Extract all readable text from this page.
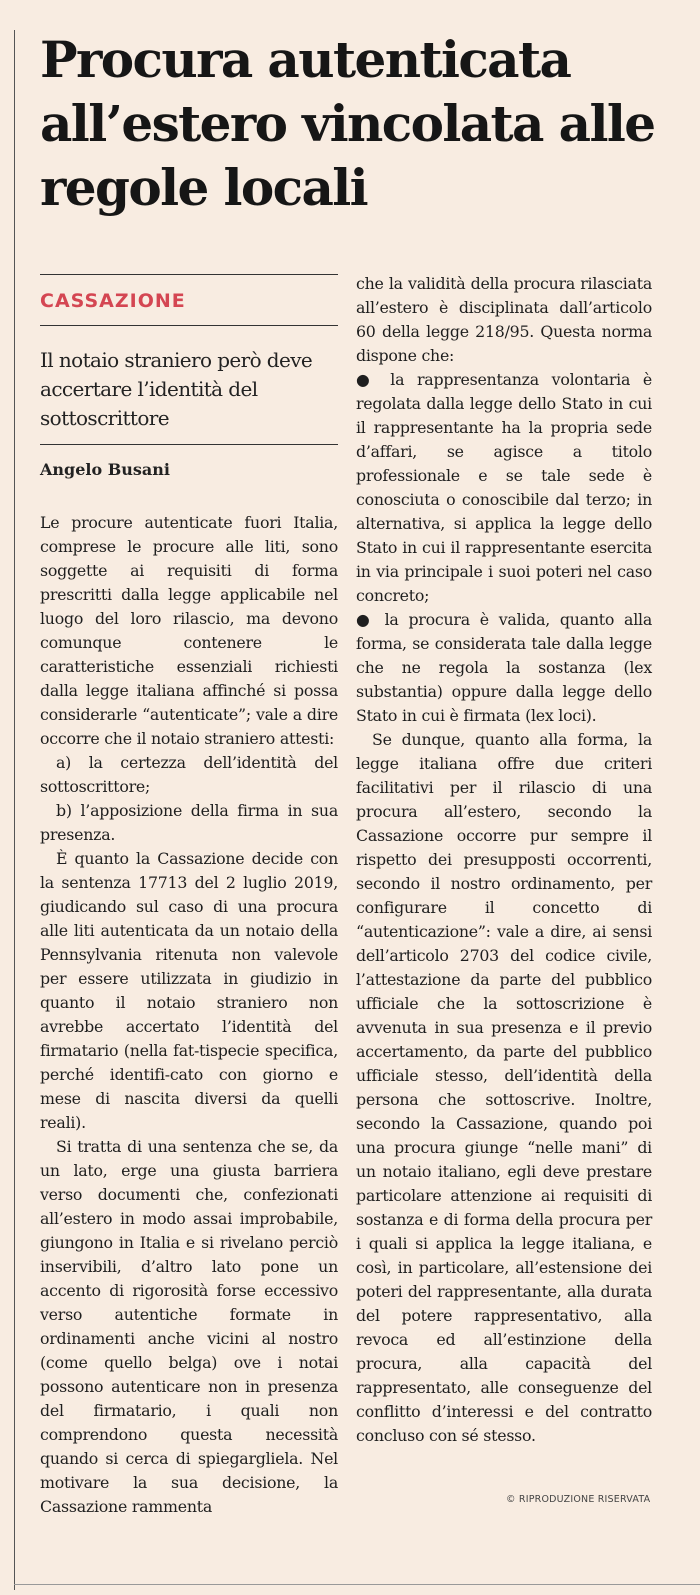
Procura autenticata all’estero vincolata alle regole locali

CASSAZIONE

Il notaio straniero però deve accertare l’identità del sottoscrittore

Angelo Busani

Le procure autenticate fuori Italia, comprese le procure alle liti, sono soggette ai requisiti di forma prescritti dalla legge applicabile nel luogo del loro rilascio, ma devono comunque contenere le caratteristiche essenziali richiesti dalla legge italiana affinché si possa considerarle “autenticate”; vale a dire occorre che il notaio straniero attesti:

a) la certezza dell’identità del sottoscrittore;

b) l’apposizione della firma in sua presenza.

È quanto la Cassazione decide con la sentenza 17713 del 2 luglio 2019, giudicando sul caso di una procura alle liti autenticata da un notaio della Pennsylvania ritenuta non valevole per essere utilizzata in giudizio in quanto il notaio straniero non avrebbe accertato l’identità del firmatario (nella fat-tispecie specifica, perché identifi-cato con giorno e mese di nascita diversi da quelli reali).

Si tratta di una sentenza che se, da un lato, erge una giusta barriera verso documenti che, confezionati all’estero in modo assai improbabile, giungono in Italia e si rivelano perciò inservibili, d’altro lato pone un accento di rigorosità forse eccessivo verso autentiche formate in ordinamenti anche vicini al nostro (come quello belga) ove i notai possono autenticare non in presenza del firmatario, i quali non comprendono questa necessità quando si cerca di spiegargliela. Nel motivare la sua decisione, la Cassazione rammenta

che la validità della procura rilasciata all’estero è disciplinata dall’articolo 60 della legge 218/95. Questa norma dispone che:

● la rappresentanza volontaria è regolata dalla legge dello Stato in cui il rappresentante ha la propria sede d’affari, se agisce a titolo professionale e se tale sede è conosciuta o conoscibile dal terzo; in alternativa, si applica la legge dello Stato in cui il rappresentante esercita in via principale i suoi poteri nel caso concreto;

● la procura è valida, quanto alla forma, se considerata tale dalla legge che ne regola la sostanza (lex substantia) oppure dalla legge dello Stato in cui è firmata (lex loci).

Se dunque, quanto alla forma, la legge italiana offre due criteri facilitativi per il rilascio di una procura all’estero, secondo la Cassazione occorre pur sempre il rispetto dei presupposti occorrenti, secondo il nostro ordinamento, per configurare il concetto di “autenticazione”: vale a dire, ai sensi dell’articolo 2703 del codice civile, l’attestazione da parte del pubblico ufficiale che la sottoscrizione è avvenuta in sua presenza e il previo accertamento, da parte del pubblico ufficiale stesso, dell’identità della persona che sottoscrive. Inoltre, secondo la Cassazione, quando poi una procura giunge “nelle mani” di un notaio italiano, egli deve prestare particolare attenzione ai requisiti di sostanza e di forma della procura per i quali si applica la legge italiana, e così, in particolare, all’estensione dei poteri del rappresentante, alla durata del potere rappresentativo, alla revoca ed all’estinzione della procura, alla capacità del rappresentato, alle conseguenze del conflitto d’interessi e del contratto concluso con sé stesso.

© RIPRODUZIONE RISERVATA
